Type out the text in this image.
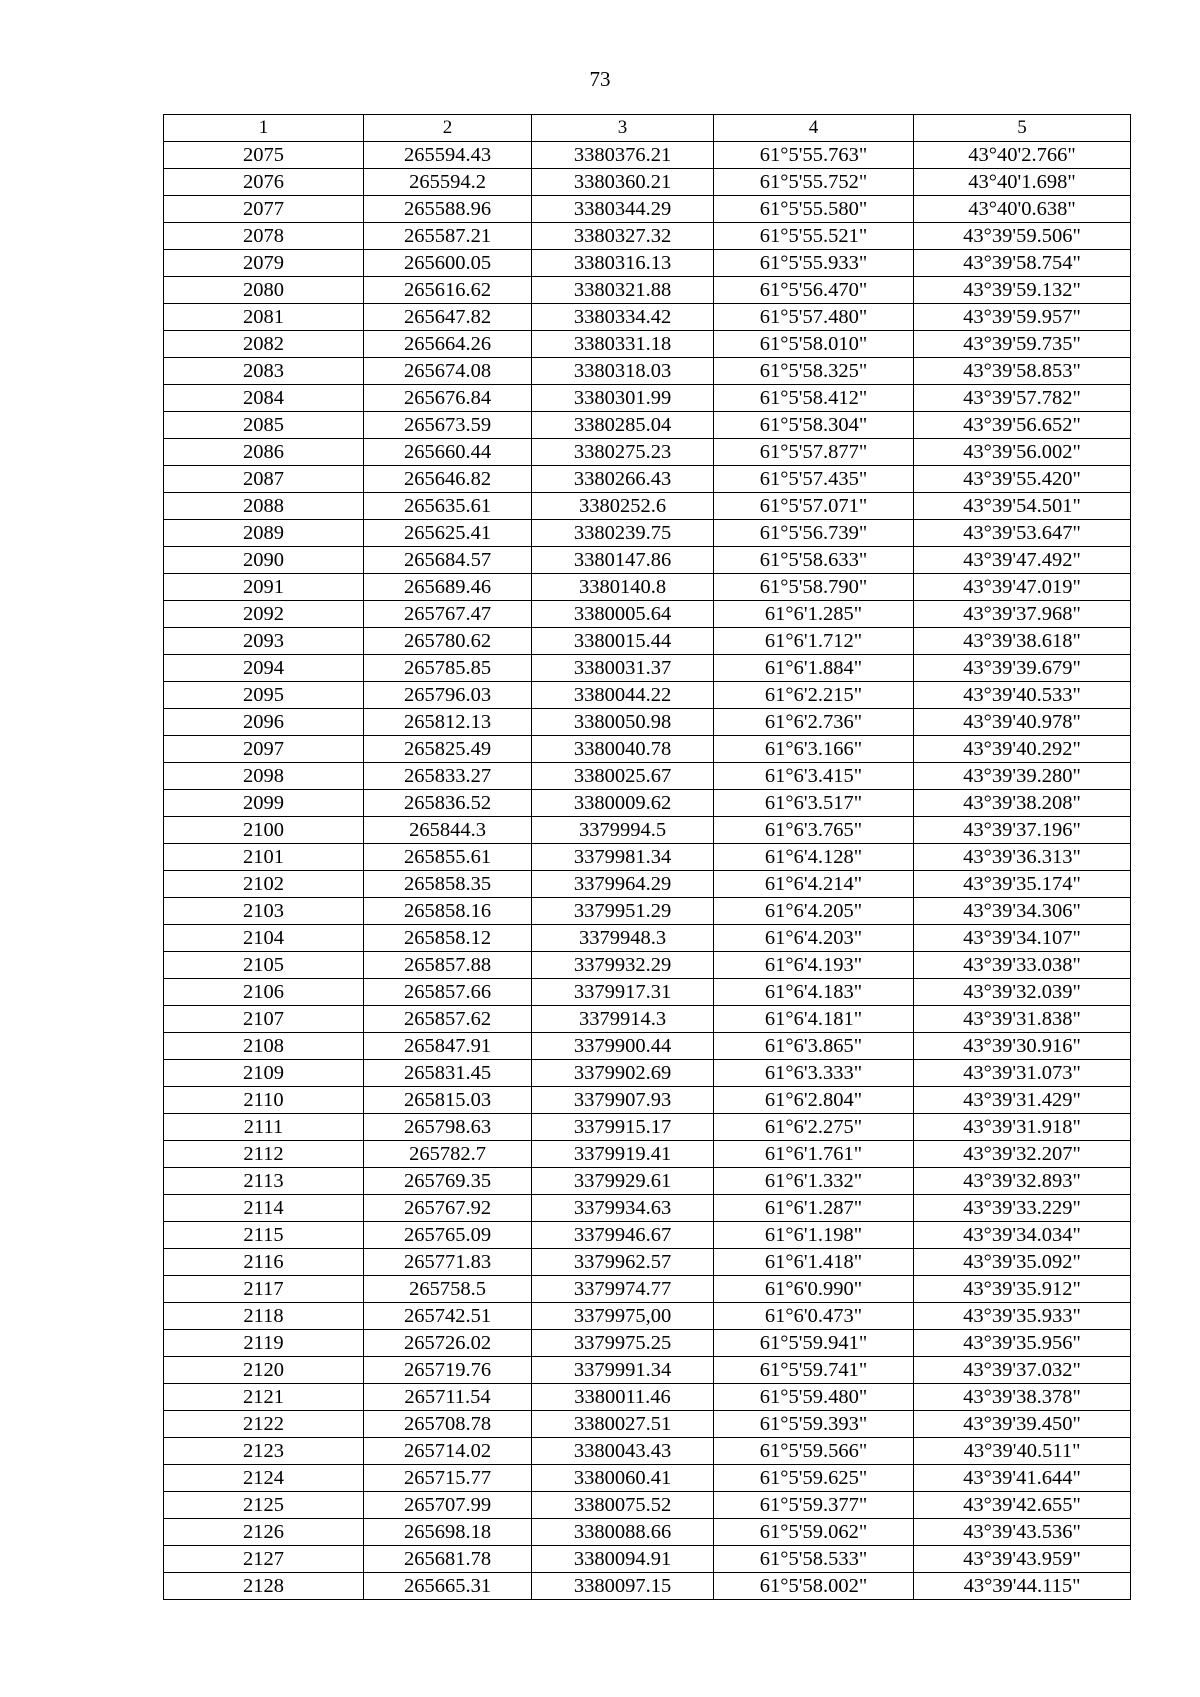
73
1	2	3	4	5
2075	265594.43	3380376.21	61°5'55.763"	43°40'2.766"
2076	265594.2	3380360.21	61°5'55.752"	43°40'1.698"
2077	265588.96	3380344.29	61°5'55.580"	43°40'0.638"
2078	265587.21	3380327.32	61°5'55.521"	43°39'59.506"
2079	265600.05	3380316.13	61°5'55.933"	43°39'58.754"
2080	265616.62	3380321.88	61°5'56.470"	43°39'59.132"
2081	265647.82	3380334.42	61°5'57.480"	43°39'59.957"
2082	265664.26	3380331.18	61°5'58.010"	43°39'59.735"
2083	265674.08	3380318.03	61°5'58.325"	43°39'58.853"
2084	265676.84	3380301.99	61°5'58.412"	43°39'57.782"
2085	265673.59	3380285.04	61°5'58.304"	43°39'56.652"
2086	265660.44	3380275.23	61°5'57.877"	43°39'56.002"
2087	265646.82	3380266.43	61°5'57.435"	43°39'55.420"
2088	265635.61	3380252.6	61°5'57.071"	43°39'54.501"
2089	265625.41	3380239.75	61°5'56.739"	43°39'53.647"
2090	265684.57	3380147.86	61°5'58.633"	43°39'47.492"
2091	265689.46	3380140.8	61°5'58.790"	43°39'47.019"
2092	265767.47	3380005.64	61°6'1.285"	43°39'37.968"
2093	265780.62	3380015.44	61°6'1.712"	43°39'38.618"
2094	265785.85	3380031.37	61°6'1.884"	43°39'39.679"
2095	265796.03	3380044.22	61°6'2.215"	43°39'40.533"
2096	265812.13	3380050.98	61°6'2.736"	43°39'40.978"
2097	265825.49	3380040.78	61°6'3.166"	43°39'40.292"
2098	265833.27	3380025.67	61°6'3.415"	43°39'39.280"
2099	265836.52	3380009.62	61°6'3.517"	43°39'38.208"
2100	265844.3	3379994.5	61°6'3.765"	43°39'37.196"
2101	265855.61	3379981.34	61°6'4.128"	43°39'36.313"
2102	265858.35	3379964.29	61°6'4.214"	43°39'35.174"
2103	265858.16	3379951.29	61°6'4.205"	43°39'34.306"
2104	265858.12	3379948.3	61°6'4.203"	43°39'34.107"
2105	265857.88	3379932.29	61°6'4.193"	43°39'33.038"
2106	265857.66	3379917.31	61°6'4.183"	43°39'32.039"
2107	265857.62	3379914.3	61°6'4.181"	43°39'31.838"
2108	265847.91	3379900.44	61°6'3.865"	43°39'30.916"
2109	265831.45	3379902.69	61°6'3.333"	43°39'31.073"
2110	265815.03	3379907.93	61°6'2.804"	43°39'31.429"
2111	265798.63	3379915.17	61°6'2.275"	43°39'31.918"
2112	265782.7	3379919.41	61°6'1.761"	43°39'32.207"
2113	265769.35	3379929.61	61°6'1.332"	43°39'32.893"
2114	265767.92	3379934.63	61°6'1.287"	43°39'33.229"
2115	265765.09	3379946.67	61°6'1.198"	43°39'34.034"
2116	265771.83	3379962.57	61°6'1.418"	43°39'35.092"
2117	265758.5	3379974.77	61°6'0.990"	43°39'35.912"
2118	265742.51	3379975,00	61°6'0.473"	43°39'35.933"
2119	265726.02	3379975.25	61°5'59.941"	43°39'35.956"
2120	265719.76	3379991.34	61°5'59.741"	43°39'37.032"
2121	265711.54	3380011.46	61°5'59.480"	43°39'38.378"
2122	265708.78	3380027.51	61°5'59.393"	43°39'39.450"
2123	265714.02	3380043.43	61°5'59.566"	43°39'40.511"
2124	265715.77	3380060.41	61°5'59.625"	43°39'41.644"
2125	265707.99	3380075.52	61°5'59.377"	43°39'42.655"
2126	265698.18	3380088.66	61°5'59.062"	43°39'43.536"
2127	265681.78	3380094.91	61°5'58.533"	43°39'43.959"
2128	265665.31	3380097.15	61°5'58.002"	43°39'44.115"
